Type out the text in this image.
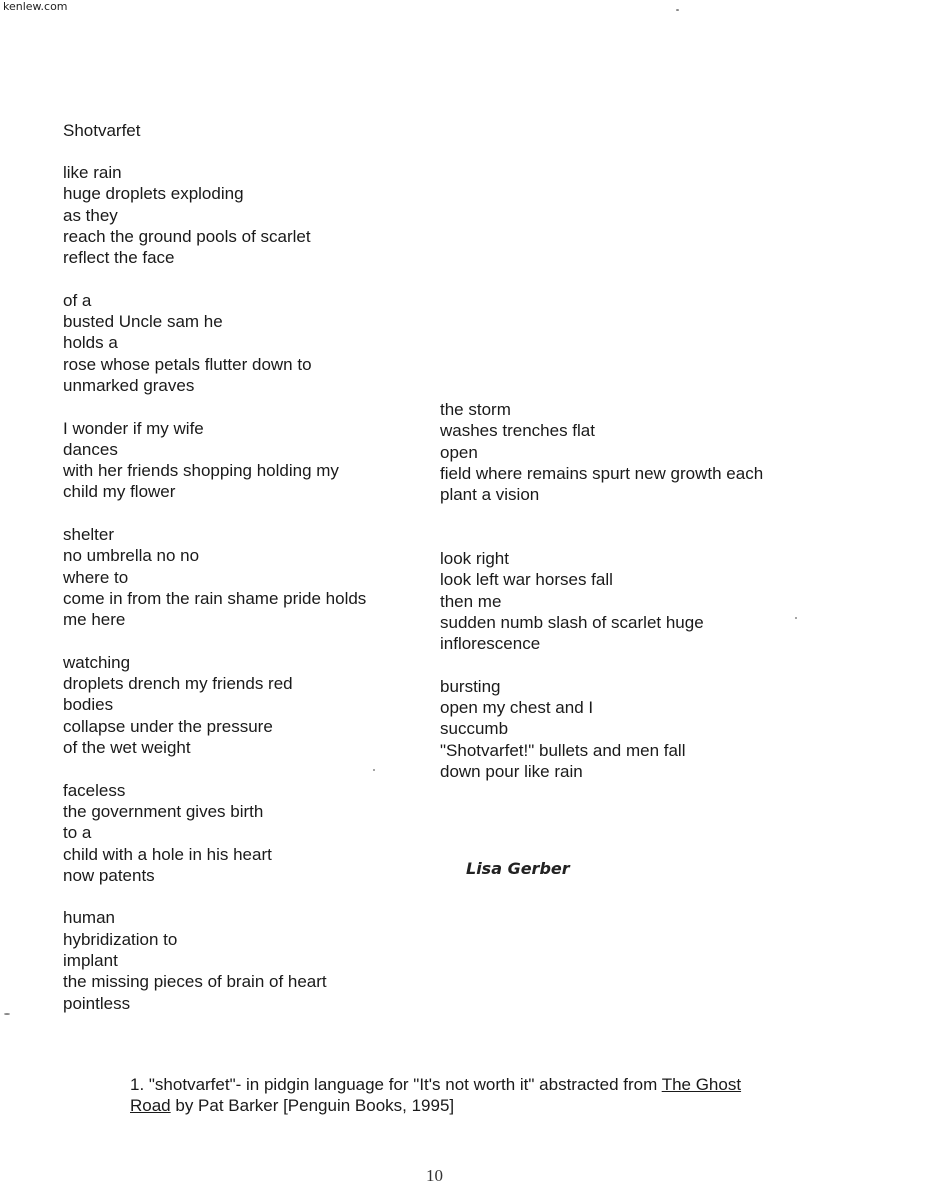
kenlew.com
Shotvarfet
like rain
huge droplets exploding
as they
reach the ground pools of scarlet
reflect the face
of a
busted Uncle sam he
holds a
rose whose petals flutter down to
unmarked graves
I wonder if my wife
dances
with her friends shopping holding my
child my flower
shelter
no umbrella no no
where to
come in from the rain shame pride holds
me here
watching
droplets drench my friends red
bodies
collapse under the pressure
of the wet weight
faceless
the government gives birth
to a
child with a hole in his heart
now patents
human
hybridization to
implant
the missing pieces of brain of heart
pointless
the storm
washes trenches flat
open
field where remains spurt new growth each
plant a vision
look right
look left war horses fall
then me
sudden numb slash of scarlet huge
inflorescence
bursting
open my chest and I
succumb
"Shotvarfet!" bullets and men fall
down pour like rain
Lisa Gerber
1. "shotvarfet"- in pidgin language for "It's not worth it" abstracted from The Ghost
Road by Pat Barker [Penguin Books, 1995]
10
